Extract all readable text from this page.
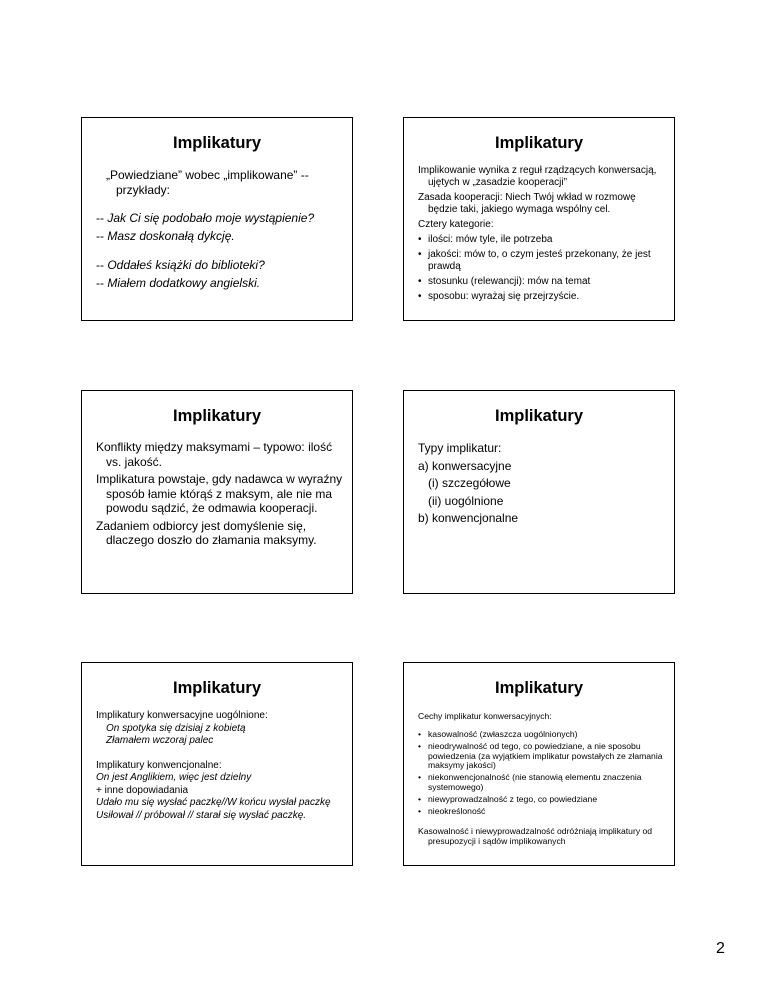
Implikatury

„Powiedziane” wobec „implikowane” -- przykłady:

-- Jak Ci się podobało moje wystąpienie?

-- Masz doskonałą dykcję.

-- Oddałeś książki do biblioteki?

-- Miałem dodatkowy angielski.

Implikatury

Implikowanie wynika z reguł rządzących konwersacją, ujętych w „zasadzie kooperacji”

Zasada kooperacji: Niech Twój wkład w rozmowę będzie taki, jakiego wymaga wspólny cel.

Cztery kategorie:

• ilości: mów tyle, ile potrzeba

• jakości: mów to, o czym jesteś przekonany, że jest prawdą

• stosunku (relewancji): mów na temat

• sposobu: wyrażaj się przejrzyście.

Implikatury

Konflikty między maksymami – typowo: ilość vs. jakość.

Implikatura powstaje, gdy nadawca w wyraźny sposób łamie którąś z maksym, ale nie ma powodu sądzić, że odmawia kooperacji.

Zadaniem odbiorcy jest domyślenie się, dlaczego doszło do złamania maksymy.

Implikatury

Typy implikatur:

a) konwersacyjne

(i) szczegółowe

(ii) uogólnione

b) konwencjonalne

Implikatury

Implikatury konwersacyjne uogólnione:

On spotyka się dzisiaj z kobietą

Złamałem wczoraj palec

Implikatury konwencjonalne:

On jest Anglikiem, więc jest dzielny

+ inne dopowiadania

Udało mu się wysłać paczkę//W końcu wysłał paczkę

Usiłował // próbował // starał się wysłać paczkę.

Implikatury

Cechy implikatur konwersacyjnych:

• kasowalność (zwłaszcza uogólnionych)

• nieodrywalność od tego, co powiedziane, a nie sposobu powiedzenia (za wyjątkiem implikatur powstałych ze złamania maksymy jakości)

• niekonwencjonalność (nie stanowią elementu znaczenia systemowego)

• niewyprowadzalność z tego, co powiedziane

• nieokreśloność

Kasowalność i niewyprowadzalność odróżniają implikatury od presupozycji i sądów implikowanych

2
